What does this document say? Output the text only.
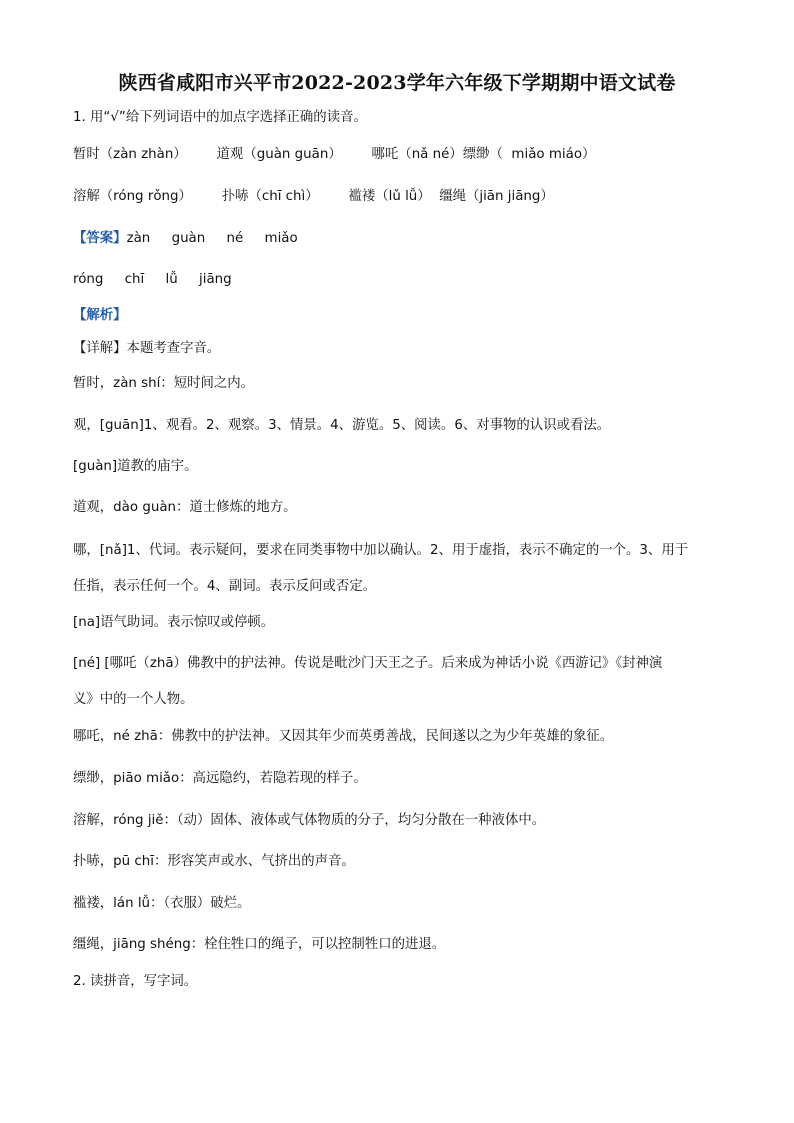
陕西省咸阳市兴平市2022-2023学年六年级下学期期中语文试卷
1. 用“√”给下列词语中的加点字选择正确的读音。
暂时（zàn zhàn）       道观（guàn guān）       哪吒（nǎ né）缥缈（  miǎo miáo）
溶解（róng rǒng）       扑哧（chī chì）       褴褛（lǔ lǚ）  缰绳（jiān jiāng）
【答案】zàn     guàn     né     miǎo
róng     chī     lǚ     jiāng
【解析】
【详解】本题考查字音。
暂时，zàn shí：短时间之内。
观，[guān]1、观看。2、观察。3、情景。4、游览。5、阅读。6、对事物的认识或看法。
[guàn]道教的庙宇。
道观，dào guàn：道士修炼的地方。
哪，[nǎ]1、代词。表示疑问，要求在同类事物中加以确认。2、用于虚指，表示不确定的一个。3、用于
任指，表示任何一个。4、副词。表示反问或否定。
[na]语气助词。表示惊叹或停顿。
[né] [哪吒（zhā）佛教中的护法神。传说是毗沙门天王之子。后来成为神话小说《西游记》《封神演
义》中的一个人物。
哪吒，né zhā：佛教中的护法神。又因其年少而英勇善战，民间遂以之为少年英雄的象征。
缥缈，piāo miǎo：高远隐约，若隐若现的样子。
溶解，róng jiě：（动）固体、液体或气体物质的分子，均匀分散在一种液体中。
扑哧，pū chī：形容笑声或水、气挤出的声音。
褴褛，lán lǚ：（衣服）破烂。
缰绳，jiāng shéng：栓住牲口的绳子，可以控制牲口的进退。
2. 读拼音，写字词。
